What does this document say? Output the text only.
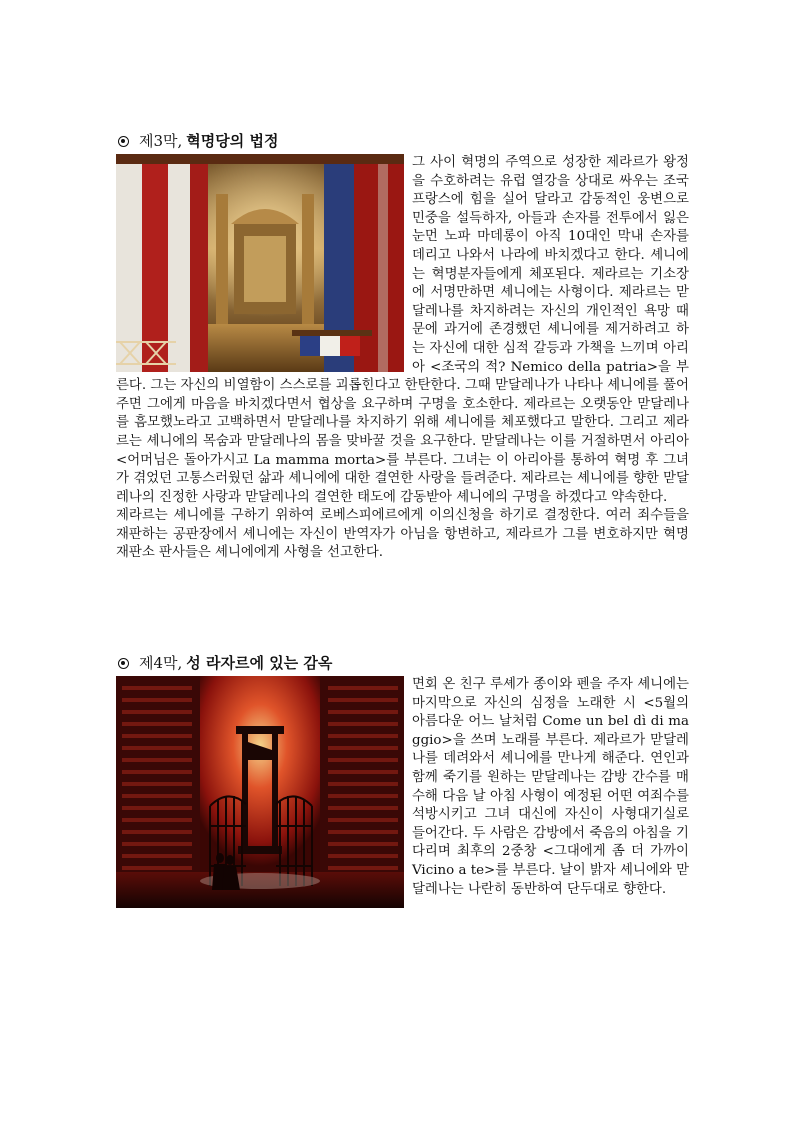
제3막, 혁명당의 법정

그 사이 혁명의 주역으로 성장한 제라르가 왕정을 수호하려는 유럽 열강을 상대로 싸우는 조국 프랑스에 힘을 실어 달라고 감동적인 웅변으로 민중을 설득하자, 아들과 손자를 전투에서 잃은 눈먼 노파 마데롱이 아직 10대인 막내 손자를 데리고 나와서 나라에 바치겠다고 한다. 셰니에는 혁명분자들에게 체포된다. 제라르는 기소장에 서명만하면 셰니에는 사형이다. 제라르는 맏달레나를 차지하려는 자신의 개인적인 욕망 때문에 과거에 존경했던 셰니에를 제거하려고 하는 자신에 대한 심적 갈등과 가책을 느끼며 아리아 <조국의 적? Nemico della patria>을 부른다. 그는 자신의 비열함이 스스로를 괴롭힌다고 한탄한다. 그때 맏달레나가 나타나 셰니에를 풀어주면 그에게 마음을 바치겠다면서 협상을 요구하며 구명을 호소한다. 제라르는 오랫동안 맏달레나를 흠모했노라고 고백하면서 맏달레나를 차지하기 위해 셰니에를 체포했다고 말한다. 그리고 제라르는 셰니에의 목숨과 맏달레나의 몸을 맞바꿀 것을 요구한다. 맏달레나는 이를 거절하면서 아리아 <어머님은 돌아가시고 La mamma morta>를 부른다. 그녀는 이 아리아를 통하여 혁명 후 그녀가 겪었던 고통스러웠던 삶과 셰니에에 대한 결연한 사랑을 들려준다. 제라르는 셰니에를 향한 맏달레나의 진정한 사랑과 맏달레나의 결연한 태도에 감동받아 셰니에의 구명을 하겠다고 약속한다.

제라르는 셰니에를 구하기 위하여 로베스피에르에게 이의신청을 하기로 결정한다. 여러 죄수들을 재판하는 공판장에서 셰니에는 자신이 반역자가 아님을 항변하고, 제라르가 그를 변호하지만 혁명 재판소 판사들은 셰니에에게 사형을 선고한다.

제4막, 성 라자르에 있는 감옥

면회 온 친구 루셰가 종이와 펜을 주자 셰니에는 마지막으로 자신의 심정을 노래한 시 <5월의 아름다운 어느 날처럼 Come un bel dì di maggio>을 쓰며 노래를 부른다. 제라르가 맏달레나를 데려와서 셰니에를 만나게 해준다. 연인과 함께 죽기를 원하는 맏달레나는 감방 간수를 매수해 다음 날 아침 사형이 예정된 어떤 여죄수를 석방시키고 그녀 대신에 자신이 사형대기실로 들어간다. 두 사람은 감방에서 죽음의 아침을 기다리며 최후의 2중창 <그대에게 좀 더 가까이 Vicino a te>를 부른다. 날이 밝자 셰니에와 맏달레나는 나란히 동반하여 단두대로 향한다.
